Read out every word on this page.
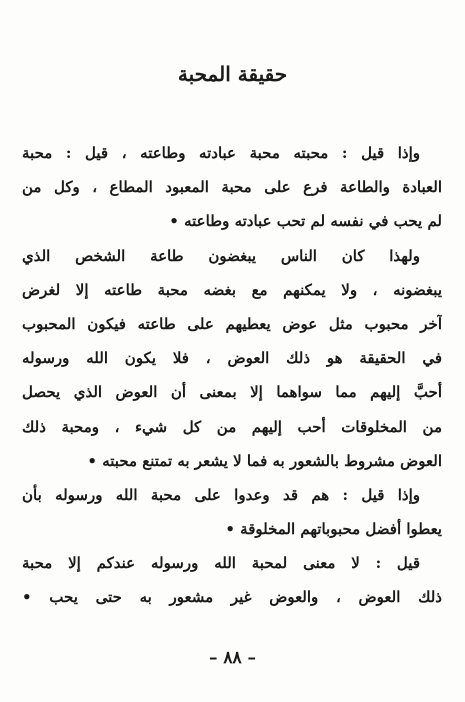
حقيقة المحبة
وإذا قيل : محبته محبة عبادته وطاعته ، قيل : محبة
العبادة والطاعة فرع على محبة المعبود المطاع ، وكل من
لم يحب في نفسه لم تحب عبادته وطاعته •
ولهذا كان الناس يبغضون طاعة الشخص الذي
يبغضونه ، ولا يمكنهم مع بغضه محبة طاعته إلا لغرض
آخر محبوب مثل عوض يعطيهم على طاعته فيكون المحبوب
في الحقيقة هو ذلك العوض ، فلا يكون الله ورسوله
أحبَّ إليهم مما سواهما إلا بمعنى أن العوض الذي يحصل
من المخلوقات أحب إليهم من كل شيء ، ومحبة ذلك
العوض مشروط بالشعور به فما لا يشعر به تمتنع محبته •
وإذا قيل : هم قد وعدوا على محبة الله ورسوله بأن
يعطوا أفضل محبوباتهم المخلوقة •
قيل : لا معنى لمحبة الله ورسوله عندكم إلا محبة
ذلك العوض ، والعوض غير مشعور به حتى يحب •
– ٨٨ –
